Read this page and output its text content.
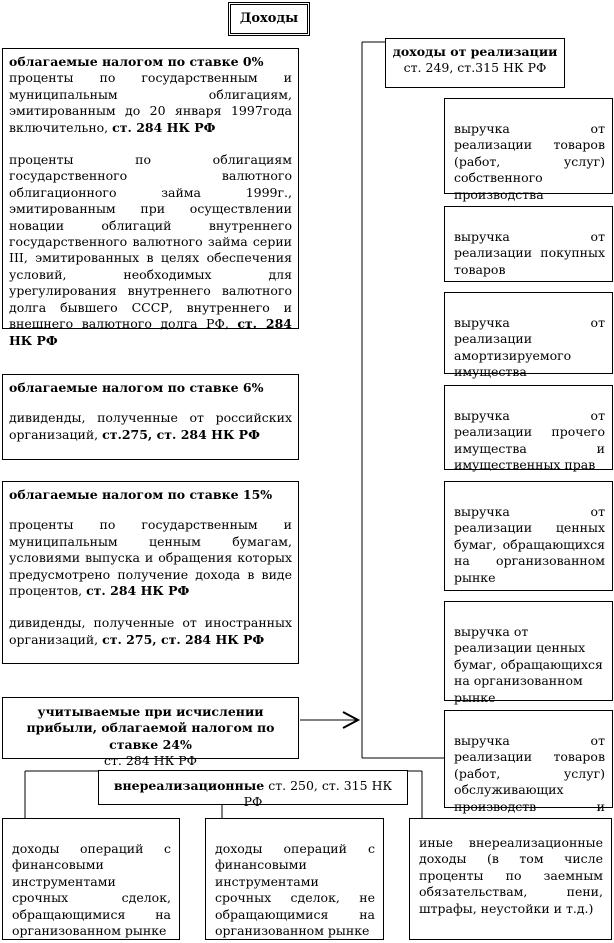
Доходы

облагаемые налогом по ставке 0%

проценты по государственным и муниципальным облигациям, эмитированным до 20 января 1997года включительно, ст. 284 НК РФ

проценты по облигациям государственного валютного облигационного займа 1999г., эмитированным при осуществлении новации облигаций внутреннего государственного валютного займа серии III, эмитированных в целях обеспечения условий, необходимых для урегулирования внутреннего валютного долга бывшего СССР, внутреннего и внешнего валютного долга РФ, ст. 284 НК РФ

облагаемые налогом по ставке 6%

дивиденды, полученные от российских организаций, ст.275, ст. 284 НК РФ

облагаемые налогом по ставке 15%

проценты по государственным и муниципальным ценным бумагам, условиями выпуска и обращения которых предусмотрено получение дохода в виде процентов, ст. 284 НК РФ

дивиденды, полученные от иностранных организаций, ст. 275, ст. 284 НК РФ

учитываемые при исчислении прибыли, облагаемой налогом по ставке 24%

ст. 284 НК РФ

доходы от реализации

ст. 249, ст.315 НК РФ

выручка от реализации товаров (работ, услуг) собственного производства
выручка от реализации покупных товаров
выручка от реализации амортизируемого имущества
выручка от реализации прочего имущества и имущественных прав
выручка от реализации ценных бумаг, обращающихся на организованном рынке
выручка от реализации ценных бумаг, обращающихся на организованном рынке
выручка от реализации товаров (работ, услуг) обслуживающих производств и
внереализационные ст. 250, ст. 315 НК РФ
доходы операций с финансовыми инструментами срочных сделок, обращающимися на организованном рынке
доходы операций с финансовыми инструментами срочных сделок, не обращающимися на организованном рынке
иные внереализационные доходы (в том числе проценты по заемным обязательствам, пени, штрафы, неустойки и т.д.)
